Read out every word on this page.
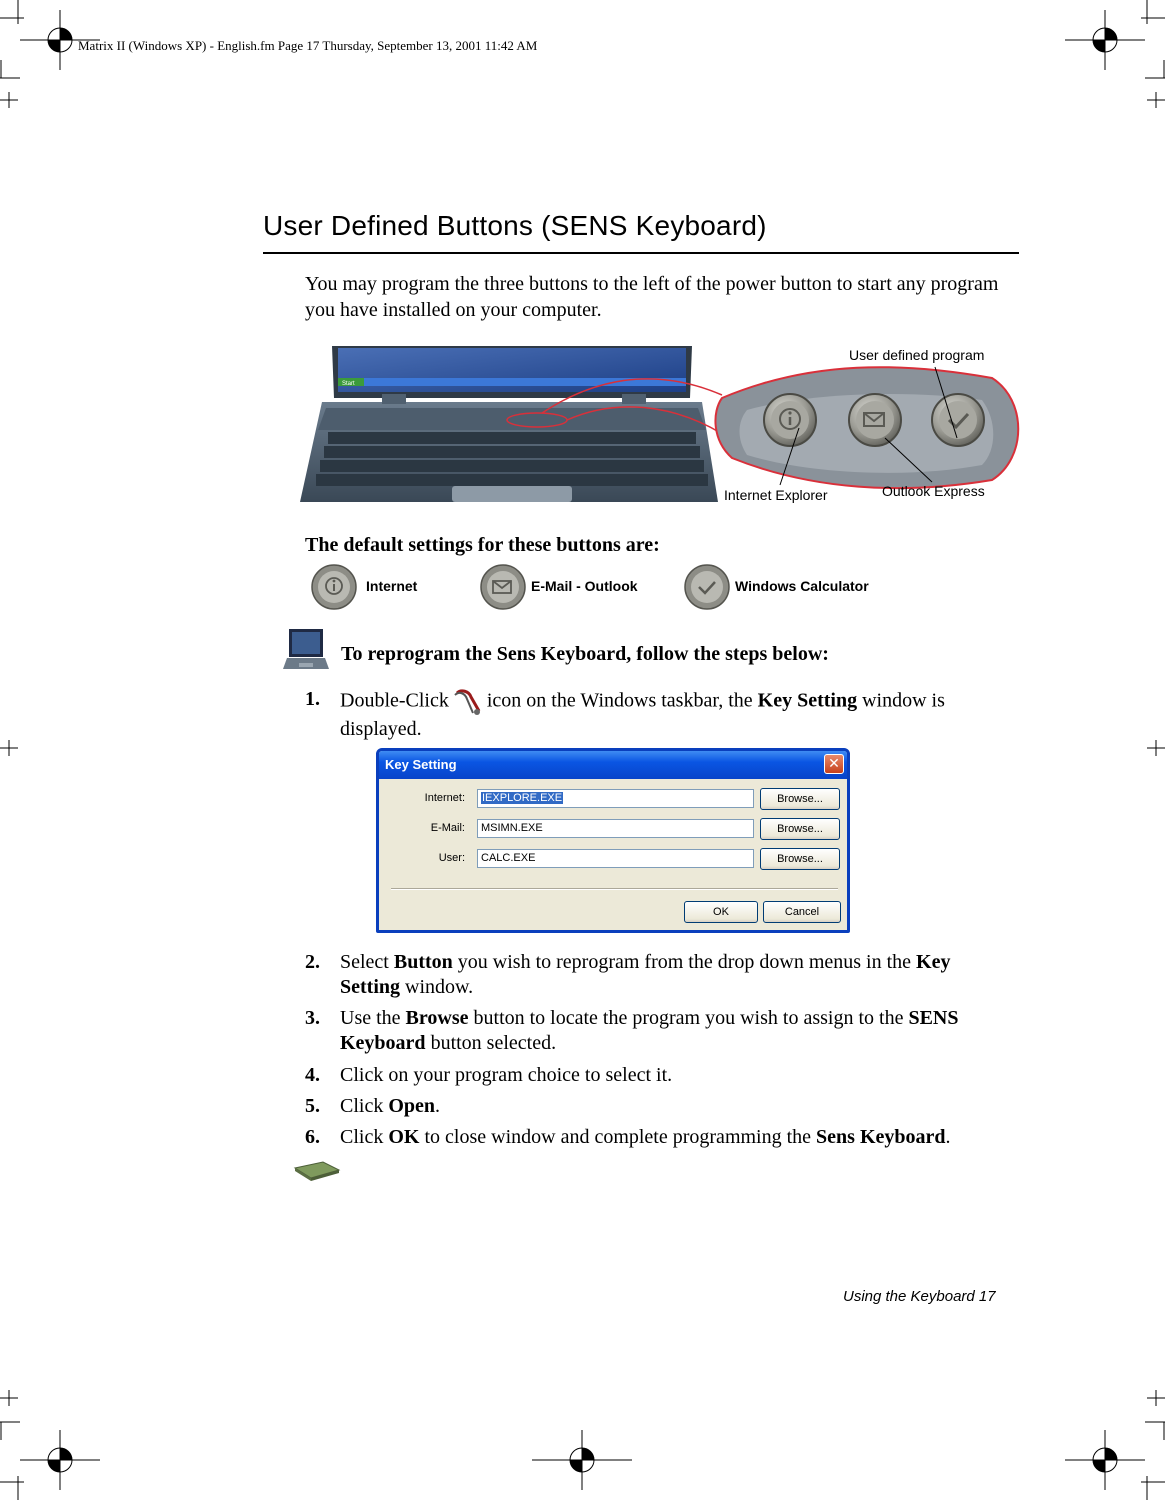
Matrix II (Windows XP) - English.fm Page 17 Thursday, September 13, 2001 11:42 AM
User Defined Buttons (SENS Keyboard)
You may program the three buttons to the left of the power button to start any program you have installed on your computer.
Start
User defined program
Internet Explorer	Outlook Express
The default settings for these buttons are:
Internet	E-Mail - Outlook	Windows Calculator
To reprogram the Sens Keyboard, follow the steps below:
1. Double-Click icon on the Windows taskbar, the Key Setting window is displayed.
Key Setting	✕
Internet:	IEXPLORE.EXE	Browse...
E-Mail:	MSIMN.EXE	Browse...
User:	CALC.EXE	Browse...
OK	Cancel
2. Select Button you wish to reprogram from the drop down menus in the Key Setting window.
3. Use the Browse button to locate the program you wish to assign to the SENS Keyboard button selected.
4. Click on your program choice to select it.
5. Click Open.
6. Click OK to close window and complete programming the Sens Keyboard.
Using the Keyboard 17
